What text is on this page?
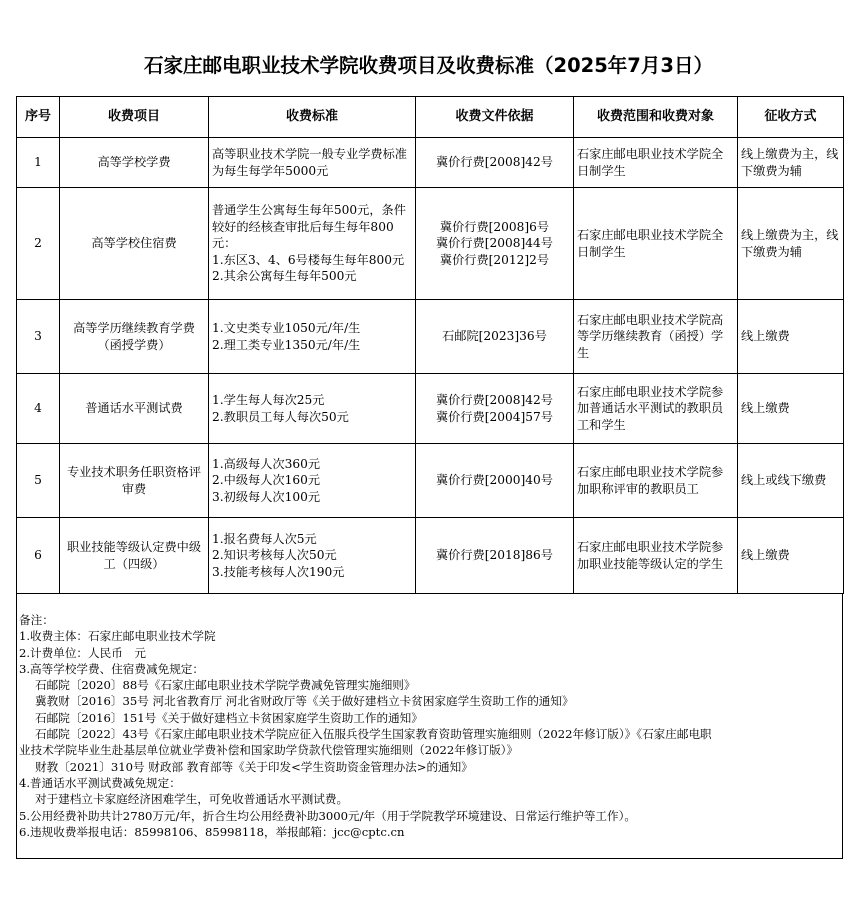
石家庄邮电职业技术学院收费项目及收费标准（2025年7月3日）
序号	收费项目	收费标准	收费文件依据	收费范围和收费对象	征收方式
1	高等学校学费	高等职业技术学院一般专业学费标准为每生每学年5000元	冀价行费[2008]42号	石家庄邮电职业技术学院全日制学生	线上缴费为主，线下缴费为辅
2	高等学校住宿费	普通学生公寓每生每年500元，条件较好的经核查审批后每生每年800元：
1.东区3、4、6号楼每生每年800元
2.其余公寓每生每年500元	冀价行费[2008]6号
冀价行费[2008]44号
冀价行费[2012]2号	石家庄邮电职业技术学院全日制学生	线上缴费为主，线下缴费为辅
3	高等学历继续教育学费（函授学费）	1.文史类专业1050元/年/生
2.理工类专业1350元/年/生	石邮院[2023]36号	石家庄邮电职业技术学院高等学历继续教育（函授）学生	线上缴费
4	普通话水平测试费	1.学生每人每次25元
2.教职员工每人每次50元	冀价行费[2008]42号
冀价行费[2004]57号	石家庄邮电职业技术学院参加普通话水平测试的教职员工和学生	线上缴费
5	专业技术职务任职资格评审费	1.高级每人次360元
2.中级每人次160元
3.初级每人次100元	冀价行费[2000]40号	石家庄邮电职业技术学院参加职称评审的教职员工	线上或线下缴费
6	职业技能等级认定费中级工（四级）	1.报名费每人次5元
2.知识考核每人次50元
3.技能考核每人次190元	冀价行费[2018]86号	石家庄邮电职业技术学院参加职业技能等级认定的学生	线上缴费
备注：
1.收费主体：石家庄邮电职业技术学院
2.计费单位：人民币　元
3.高等学校学费、住宿费减免规定：
石邮院〔2020〕88号《石家庄邮电职业技术学院学费减免管理实施细则》
冀教财〔2016〕35号 河北省教育厅 河北省财政厅等《关于做好建档立卡贫困家庭学生资助工作的通知》
石邮院〔2016〕151号《关于做好建档立卡贫困家庭学生资助工作的通知》
石邮院〔2022〕43号《石家庄邮电职业技术学院应征入伍服兵役学生国家教育资助管理实施细则（2022年修订版）》《石家庄邮电职
业技术学院毕业生赴基层单位就业学费补偿和国家助学贷款代偿管理实施细则（2022年修订版）》
财教〔2021〕310号 财政部 教育部等《关于印发<学生资助资金管理办法>的通知》
4.普通话水平测试费减免规定：
对于建档立卡家庭经济困难学生，可免收普通话水平测试费。
5.公用经费补助共计2780万元/年，折合生均公用经费补助3000元/年（用于学院教学环境建设、日常运行维护等工作）。
6.违规收费举报电话：85998106、85998118，举报邮箱：jcc@cptc.cn
